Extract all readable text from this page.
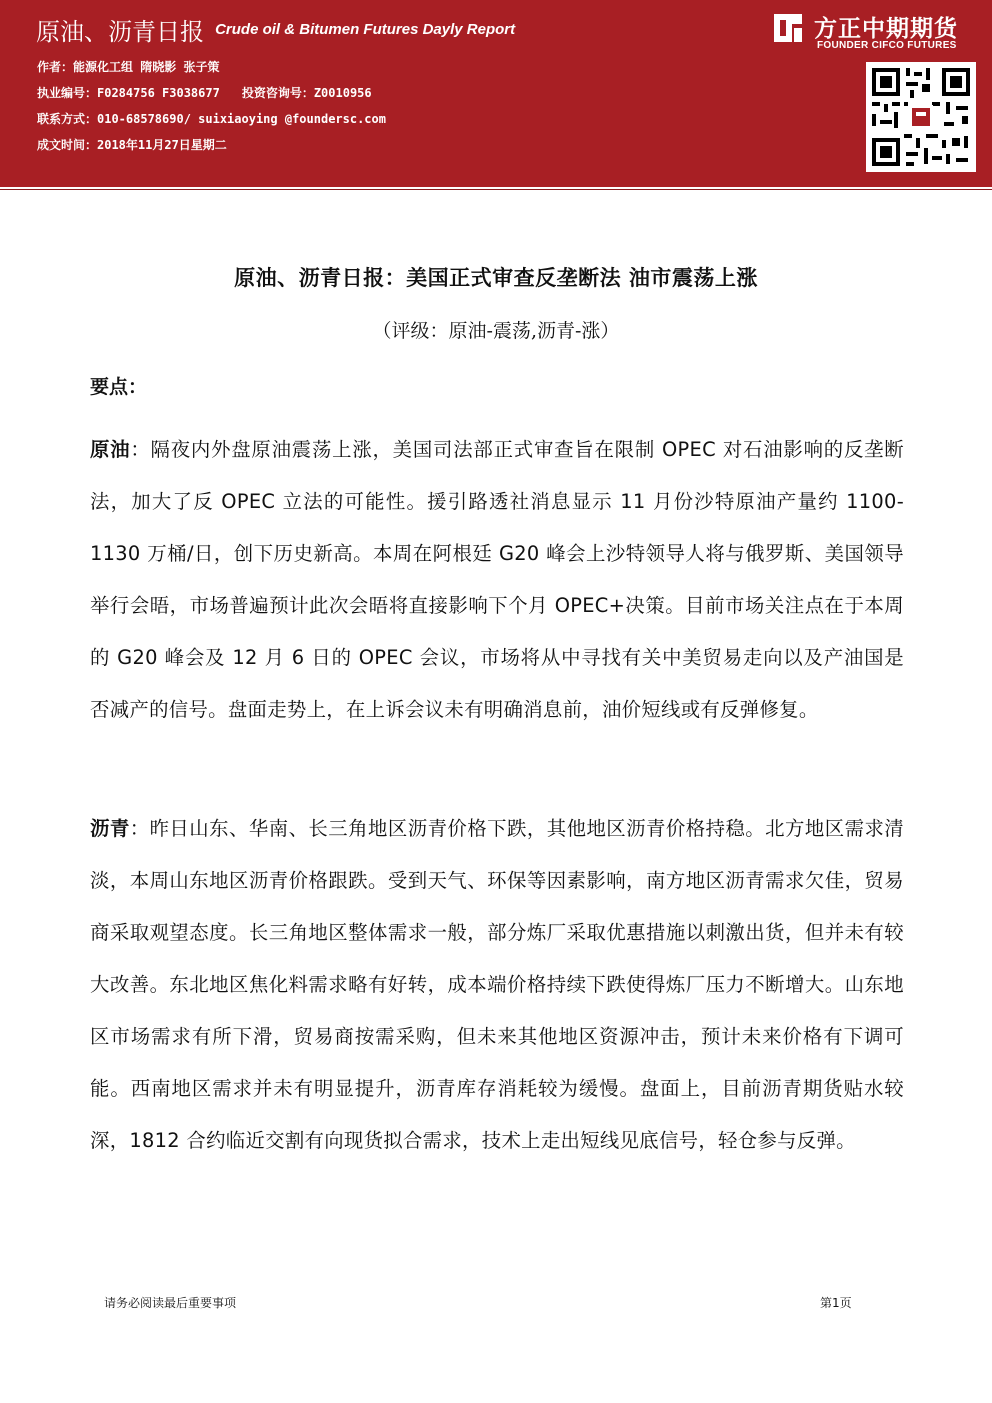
原油、沥青日报 Crude oil & Bitumen Futures Dayly Report
作者：能源化工组 隋晓影 张子策
执业编号：F0284756 F3038677 投资咨询号：Z0010956
联系方式：010-68578690/ suixiaoying @foundersc.com
成文时间：2018年11月27日星期二
方正中期期货
FOUNDER CIFCO FUTURES
原油、沥青日报：美国正式审查反垄断法 油市震荡上涨
（评级：原油-震荡,沥青-涨）
要点：

原油：隔夜内外盘原油震荡上涨，美国司法部正式审查旨在限制 OPEC 对石油影响的反垄断法，加大了反 OPEC 立法的可能性。援引路透社消息显示 11 月份沙特原油产量约 1100-1130 万桶/日，创下历史新高。本周在阿根廷 G20 峰会上沙特领导人将与俄罗斯、美国领导举行会晤，市场普遍预计此次会晤将直接影响下个月 OPEC+决策。目前市场关注点在于本周的 G20 峰会及 12 月 6 日的 OPEC 会议，市场将从中寻找有关中美贸易走向以及产油国是否减产的信号。盘面走势上，在上诉会议未有明确消息前，油价短线或有反弹修复。

沥青：昨日山东、华南、长三角地区沥青价格下跌，其他地区沥青价格持稳。北方地区需求清淡，本周山东地区沥青价格跟跌。受到天气、环保等因素影响，南方地区沥青需求欠佳，贸易商采取观望态度。长三角地区整体需求一般，部分炼厂采取优惠措施以刺激出货，但并未有较大改善。东北地区焦化料需求略有好转，成本端价格持续下跌使得炼厂压力不断增大。山东地区市场需求有所下滑，贸易商按需采购，但未来其他地区资源冲击，预计未来价格有下调可能。西南地区需求并未有明显提升，沥青库存消耗较为缓慢。盘面上，目前沥青期货贴水较深，1812 合约临近交割有向现货拟合需求，技术上走出短线见底信号，轻仓参与反弹。

请务必阅读最后重要事项	第1页
